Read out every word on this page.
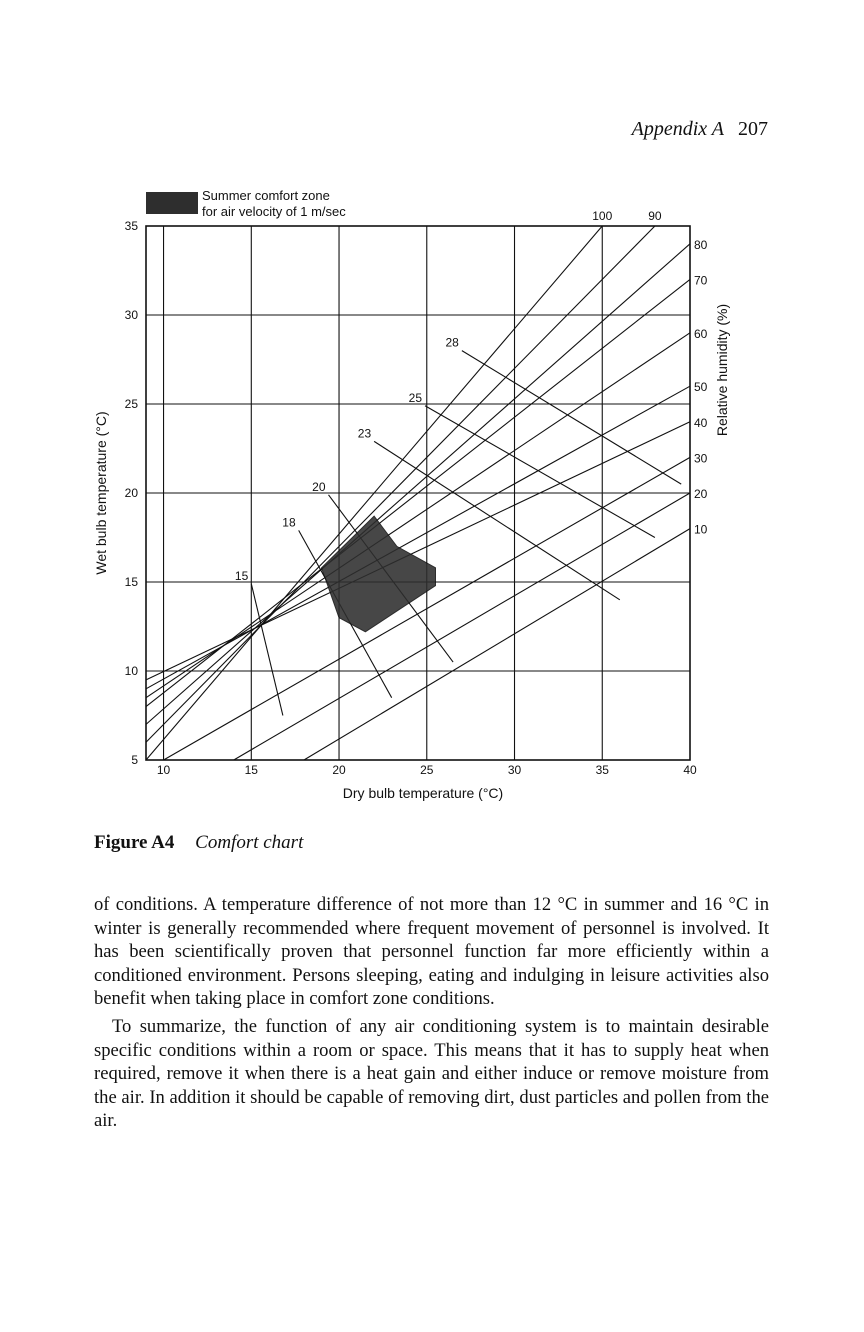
Appendix A 207
Summer comfort zone
for air velocity of 1 m/sec	100	90
80
70
60
50
40
30
20
10
15
18
20
23
25
28
10	15	20	25	30	35	40
5
10
15
20
25
30
35
Dry bulb temperature (°C)
Wet bulb temperature (°C)
Relative humidity (%)
Figure A4 Comfort chart

of conditions. A temperature difference of not more than 12 °C in summer and 16 °C in winter is generally recommended where frequent movement of personnel is involved. It has been scientifically proven that personnel function far more efficiently within a conditioned environment. Persons sleeping, eating and indulging in leisure activities also benefit when taking place in comfort zone conditions.

To summarize, the function of any air conditioning system is to maintain desirable specific conditions within a room or space. This means that it has to supply heat when required, remove it when there is a heat gain and either induce or remove moisture from the air. In addition it should be capable of removing dirt, dust particles and pollen from the air.
